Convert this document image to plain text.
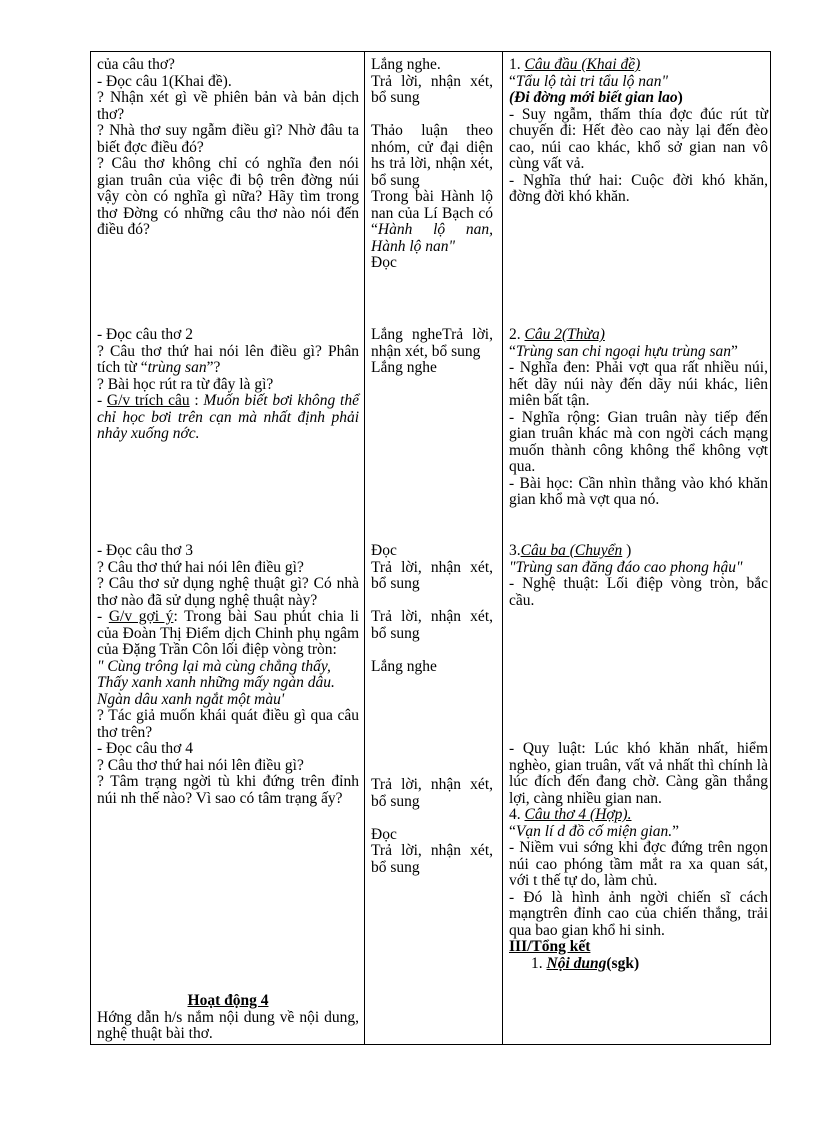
của câu thơ?

- Đọc câu 1(Khai đề).

? Nhận xét gì về phiên bản và bản dịch thơ?

? Nhà thơ suy ngẫm điều gì? Nhờ đâu ta biết đợc điều đó?

? Câu thơ không chỉ có nghĩa đen nói gian truân của việc đi bộ trên đờng núi vậy còn có nghĩa gì nữa? Hãy tìm trong thơ Đờng có những câu thơ nào nói đến điều đó?

- Đọc câu thơ 2

? Câu thơ thứ hai nói lên điều gì? Phân tích từ “trùng san”?

? Bài học rút ra từ đây là gì?

- G/v trích câu : Muốn biết bơi không thể chỉ học bơi trên cạn mà nhất định phải nhảy xuống nớc.

- Đọc câu thơ 3

? Câu thơ thứ hai nói lên điều gì?

? Câu thơ sử dụng nghệ thuật gì? Có nhà thơ nào đã sử dụng nghệ thuật này?

- G/v gợi ý: Trong bài Sau phút chia li của Đoàn Thị Điểm dịch Chinh phụ ngâm của Đặng Trần Côn lối điệp vòng tròn:

" Cùng trông lại mà cùng chẳng thấy,

Thấy xanh xanh những mấy ngàn dâu.

Ngàn dâu xanh ngắt một màu'

? Tác giả muốn khái quát điều gì qua câu thơ trên?

- Đọc câu thơ 4

? Câu thơ thứ hai nói lên điều gì?

? Tâm trạng ngời tù khi đứng trên đỉnh núi nh thế nào? Vì sao có tâm trạng ấy?

Hoạt động 4

Hớng dẫn h/s nắm nội dung về nội dung, nghệ thuật bài thơ.

Lắng nghe.

Trả lời, nhận xét, bổ sung

Thảo luận theo nhóm, cử đại diện hs trả lời, nhận xét, bổ sung

Trong bài Hành lộ nan của Lí Bạch có “Hành lộ nan, Hành lộ nan"

Đọc

Lắng ngheTrả lời, nhận xét, bổ sung

Lắng nghe

Đọc

Trả lời, nhận xét, bổ sung

Trả lời, nhận xét, bổ sung

Lắng nghe

Trả lời, nhận xét, bổ sung

Đọc

Trả lời, nhận xét, bổ sung

1. Câu đầu (Khai đề)

“Tẩu lộ tài tri tẩu lộ nan"

(Đi đờng mới biết gian lao)

- Suy ngẫm, thấm thía đợc đúc rút từ chuyến đi: Hết đèo cao này lại đến đèo cao, núi cao khác, khổ sở gian nan vô cùng vất vả.

- Nghĩa thứ hai: Cuộc đời khó khăn, đờng đời khó khăn.

2. Câu 2(Thừa)

“Trùng san chi ngoại hựu trùng san”

- Nghĩa đen: Phải vợt qua rất nhiều núi, hết dãy núi này đến dãy núi khác, liên miên bất tận.

- Nghĩa rộng: Gian truân này tiếp đến gian truân khác mà con ngời cách mạng muốn thành công không thể không vợt qua.

- Bài học: Cần nhìn thẳng vào khó khăn gian khổ mà vợt qua nó.

3.Câu ba (Chuyển )

"Trùng san đăng đáo cao phong hậu"

- Nghệ thuật: Lối điệp vòng tròn, bắc cầu.

- Quy luật: Lúc khó khăn nhất, hiểm nghèo, gian truân, vất vả nhất thì chính là lúc đích đến đang chờ. Càng gần thắng lợi, càng nhiều gian nan.

4. Câu thơ 4 (Hợp).

“Vạn lí d đồ cố miện gian.”

- Niềm vui sớng khi đợc đứng trên ngọn núi cao phóng tầm mắt ra xa quan sát, với t thế tự do, làm chủ.

- Đó là hình ảnh ngời chiến sĩ cách mạngtrên đỉnh cao của chiến thắng, trải qua bao gian khổ hi sinh.

III/Tổng kết

1. Nội dung(sgk)
